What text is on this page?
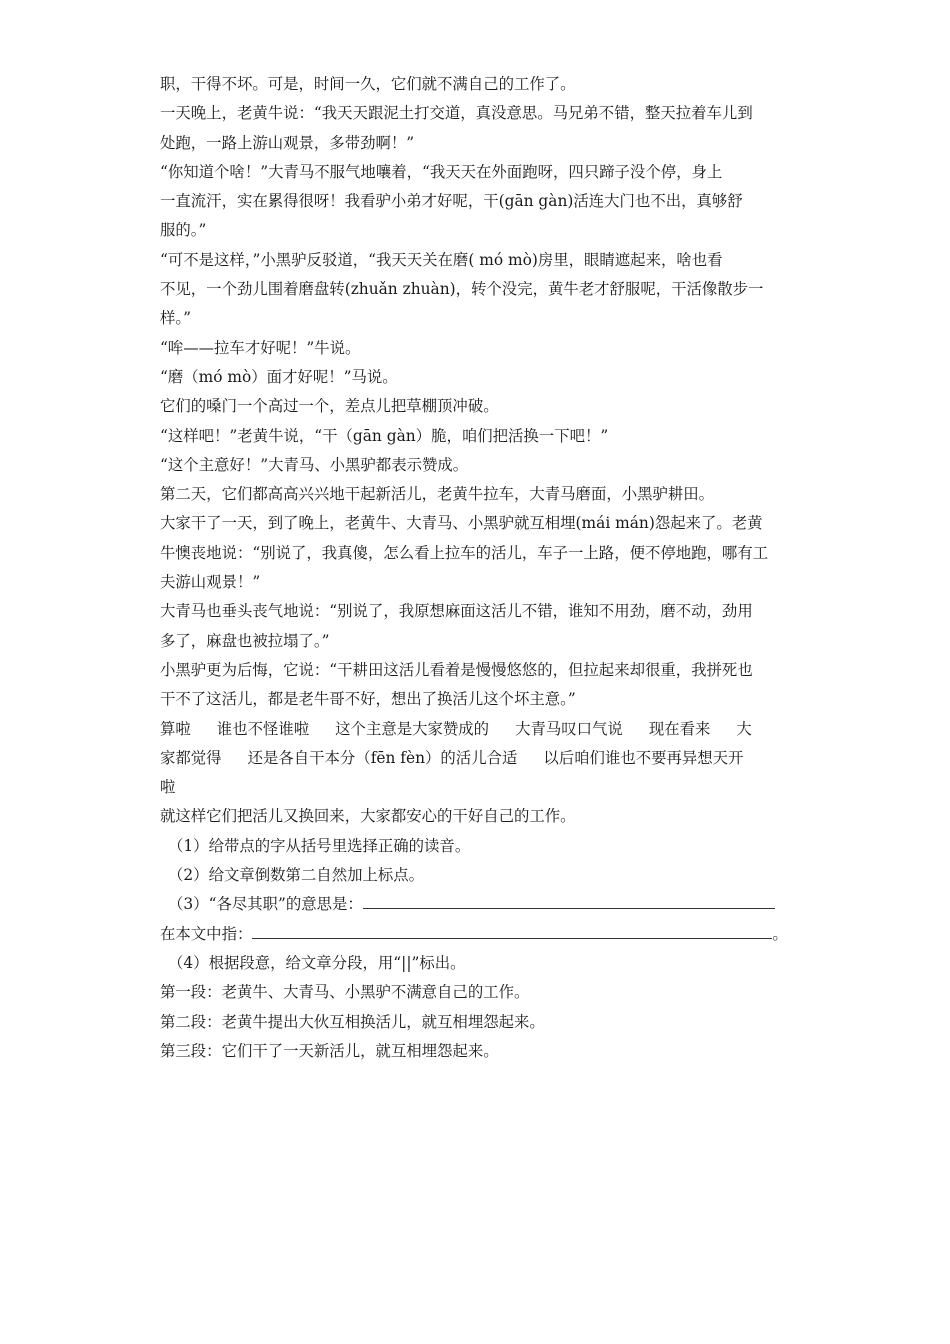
职，干得不坏。可是，时间一久，它们就不满自己的工作了。
一天晚上，老黄牛说：“我天天跟泥土打交道，真没意思。马兄弟不错，整天拉着车儿到
处跑，一路上游山观景，多带劲啊！”
“你知道个啥！”大青马不服气地嚷着，“我天天在外面跑呀，四只蹄子没个停，身上
一直流汗，实在累得很呀！我看驴小弟才好呢，干(gān gàn)活连大门也不出，真够舒
服的。”
“可不是这样，”小黑驴反驳道，“我天天关在磨( mó mò)房里，眼睛遮起来，啥也看
不见，一个劲儿围着磨盘转(zhuǎn zhuàn)，转个没完，黄牛老才舒服呢，干活像散步一
样。”
“哞——拉车才好呢！”牛说。
“磨（mó mò）面才好呢！”马说。
它们的嗓门一个高过一个，差点儿把草棚顶冲破。
“这样吧！”老黄牛说，“干（gān gàn）脆，咱们把活换一下吧！”
“这个主意好！”大青马、小黑驴都表示赞成。
第二天，它们都高高兴兴地干起新活儿，老黄牛拉车，大青马磨面，小黑驴耕田。
大家干了一天，到了晚上，老黄牛、大青马、小黑驴就互相埋(mái mán)怨起来了。老黄
牛懊丧地说：“别说了，我真傻，怎么看上拉车的活儿，车子一上路，便不停地跑，哪有工
夫游山观景！”
大青马也垂头丧气地说：“别说了，我原想麻面这活儿不错，谁知不用劲，磨不动，劲用
多了，麻盘也被拉塌了。”
小黑驴更为后悔，它说：“干耕田这活儿看着是慢慢悠悠的，但拉起来却很重，我拼死也
干不了这活儿，都是老牛哥不好，想出了换活儿这个坏主意。”
算啦 谁也不怪谁啦 这个主意是大家赞成的 大青马叹口气说 现在看来 大
家都觉得 还是各自干本分（fēn fèn）的活儿合适 以后咱们谁也不要再异想天开
啦
就这样它们把活儿又换回来，大家都安心的干好自己的工作。
（1）给带点的字从括号里选择正确的读音。
（2）给文章倒数第二自然加上标点。
（3）“各尽其职”的意思是：
在本文中指：	。
（4）根据段意，给文章分段，用“||”标出。
第一段：老黄牛、大青马、小黑驴不满意自己的工作。
第二段：老黄牛提出大伙互相换活儿，就互相埋怨起来。
第三段：它们干了一天新活儿，就互相埋怨起来。
